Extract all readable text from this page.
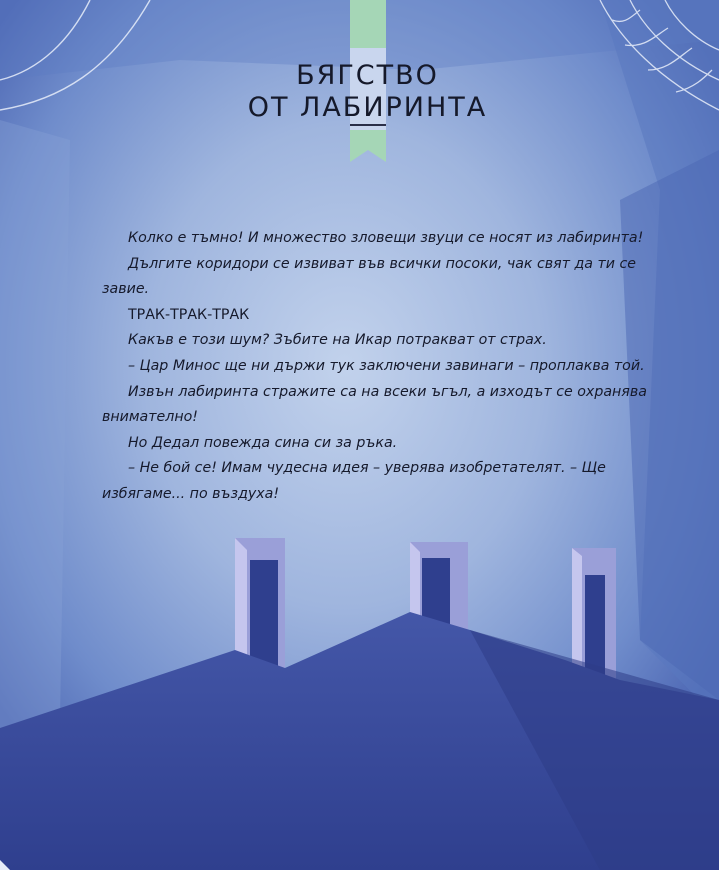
БЯГСТВО
ОТ ЛАБИРИНТА

Колко е тъмно! И множество зловещи звуци се носят из лабиринта!

Дългите коридори се извиват във всички посоки, чак свят да ти се завие.

ТРАК-ТРАК-ТРАК

Какъв е този шум? Зъбите на Икар потракват от страх.

– Цар Минос ще ни държи тук заключени завинаги – проплаква той.

Извън лабиринта стражите са на всеки ъгъл, а изходът се охранява внимателно!

Но Дедал повежда сина си за ръка.

– Не бой се! Имам чудесна идея – уверява изобретателят. – Ще избягаме... по въздуха!
